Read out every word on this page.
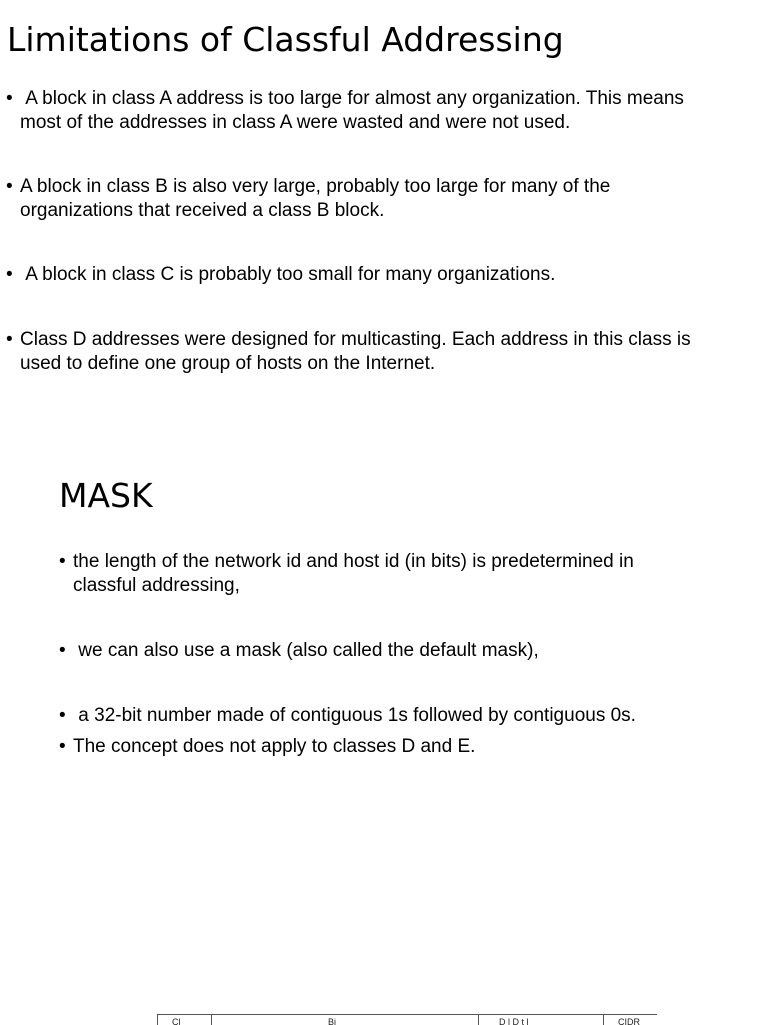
Limitations of Classful Addressing
• A block in class A address is too large for almost any organization. This means
most of the addresses in class A were wasted and were not used.
• A block in class B is also very large, probably too large for many of the
organizations that received a class B block.
• A block in class C is probably too small for many organizations.
• Class D addresses were designed for multicasting. Each address in this class is
used to define one group of hosts on the Internet.
MASK
• the length of the network id and host id (in bits) is predetermined in
classful addressing,
• we can also use a mask (also called the default mask),
• a 32-bit number made of contiguous 1s followed by contiguous 0s.
• The concept does not apply to classes D and E.
Cl	Bi	D l D t l	CIDR
